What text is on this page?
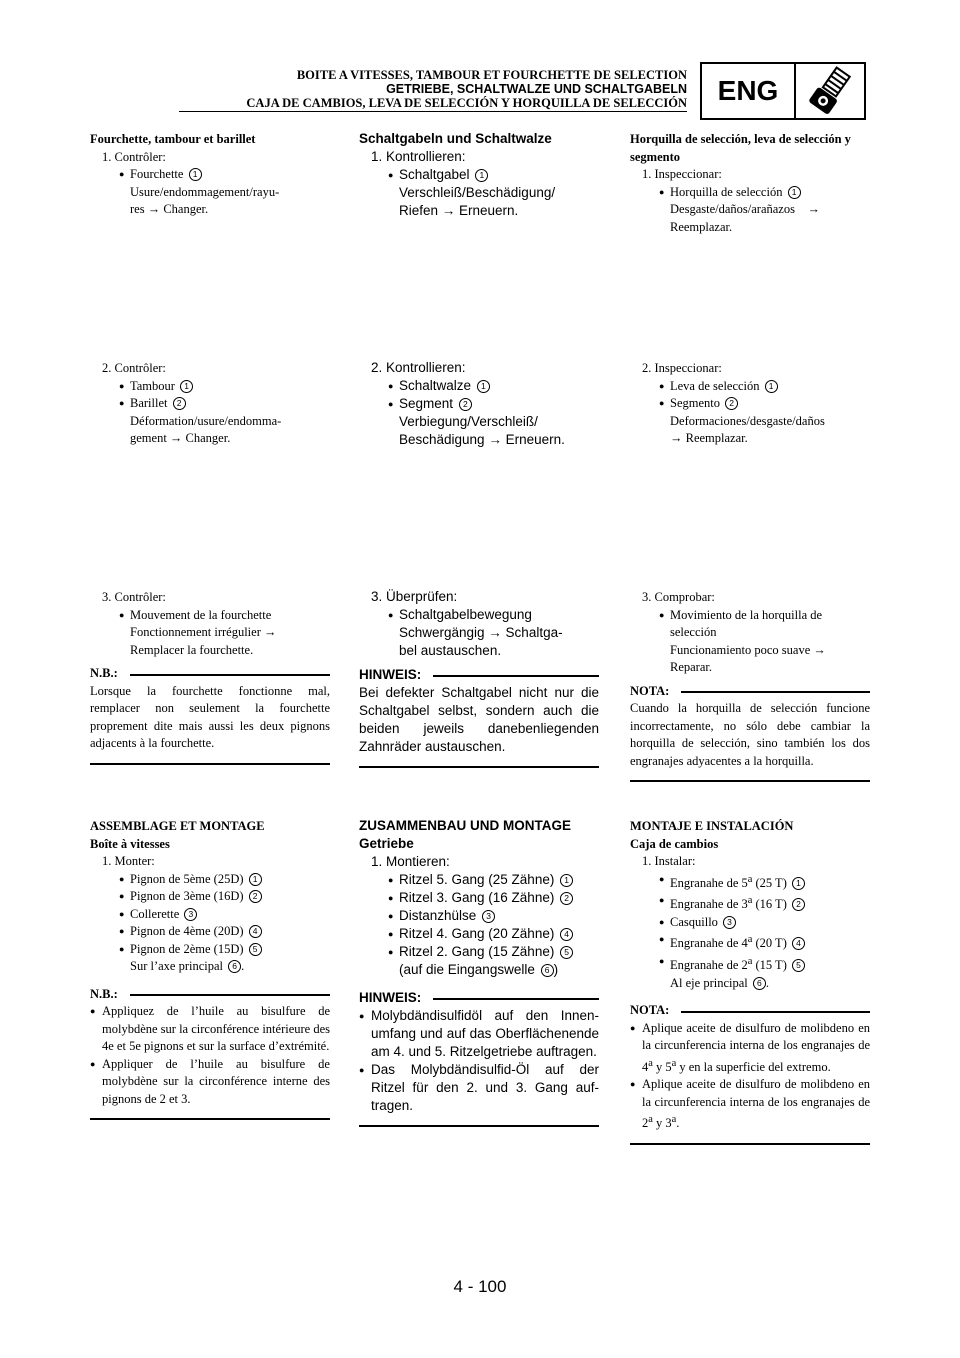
BOITE A VITESSES, TAMBOUR ET FOURCHETTE DE SELECTION
GETRIEBE, SCHALTWALZE UND SCHALTGABELN
CAJA DE CAMBIOS, LEVA DE SELECCIÓN Y HORQUILLA DE SELECCIÓN	ENG
Fourchette, tambour et barillet
1. Contrôler:
● Fourchette 1
Usure/endommagement/rayu-
res → Changer.
2. Contrôler:
● Tambour 1
● Barillet 2
Déformation/usure/endomma-
gement → Changer.
3. Contrôler:
● Mouvement de la fourchette
Fonctionnement irrégulier →
Remplacer la fourchette.
N.B.:
Lorsque la fourchette fonctionne mal, remplacer non seulement la fourchette proprement dite mais aussi les deux pignons adjacents à la fourchette.
ASSEMBLAGE ET MONTAGE
Boîte à vitesses
1. Monter:
● Pignon de 5ème (25D) 1
● Pignon de 3ème (16D) 2
● Collerette 3
● Pignon de 4ème (20D) 4
● Pignon de 2ème (15D) 5
Sur l’axe principal 6 .
N.B.:
● Appliquez de l’huile au bisulfure de molybdène sur la circonférence intérieure des 4e et 5e pignons et sur la surface d’extrémité.
● Appliquer de l’huile au bisulfure de molybdène sur la circonférence interne des pignons de 2 et 3.
Schaltgabeln und Schaltwalze
1. Kontrollieren:
● Schaltgabel 1
Verschleiß/Beschädigung/
Riefen → Erneuern.
2. Kontrollieren:
● Schaltwalze 1
● Segment 2
Verbiegung/Verschleiß/
Beschädigung → Erneuern.
3. Überprüfen:
● Schaltgabelbewegung
Schwergängig → Schaltga-
bel austauschen.
HINWEIS:
Bei defekter Schaltgabel nicht nur die Schaltgabel selbst, sondern auch die beiden jeweils danebenliegenden Zahnräder austauschen.
ZUSAMMENBAU UND MONTAGE
Getriebe
1. Montieren:
● Ritzel 5. Gang (25 Zähne) 1
● Ritzel 3. Gang (16 Zähne) 2
● Distanzhülse 3
● Ritzel 4. Gang (20 Zähne) 4
● Ritzel 2. Gang (15 Zähne) 5
(auf die Eingangswelle 6 )
HINWEIS:
● Molybdändisulfidöl auf den Innenumfang und auf das Oberflächenende am 4. und 5. Ritzelgetriebe auftragen.
● Das Molybdändisulfid-Öl auf der Ritzel für den 2. und 3. Gang auftragen.
Horquilla de selección, leva de selección y segmento
1. Inspeccionar:
● Horquilla de selección 1
Desgaste/daños/arañazos    →
Reemplazar.
2. Inspeccionar:
● Leva de selección 1
● Segmento 2
Deformaciones/desgaste/daños
→ Reemplazar.
3. Comprobar:
● Movimiento de la horquilla de
selección
Funcionamiento poco suave →
Reparar.
NOTA:
Cuando la horquilla de selección funcione incorrectamente, no sólo debe cambiar la horquilla de selección, sino también los dos engranajes adyacentes a la horquilla.
MONTAJE E INSTALACIÓN
Caja de cambios
1. Instalar:
● Engranahe de 5$^a$ (25 T) 1
● Engranahe de 3$^a$ (16 T) 2
● Casquillo 3
● Engranahe de 4$^a$ (20 T) 4
● Engranahe de 2$^a$ (15 T) 5
Al eje principal 6 .
NOTA:
● Aplique aceite de disulfuro de molibdeno en la circunferencia interna de los engranajes de 4$^a$ y 5$^a$ y en la superficie del extremo.
● Aplique aceite de disulfuro de molibdeno en la circunferencia interna de los engranajes de 2$^a$ y 3$^a$.
4 - 100
